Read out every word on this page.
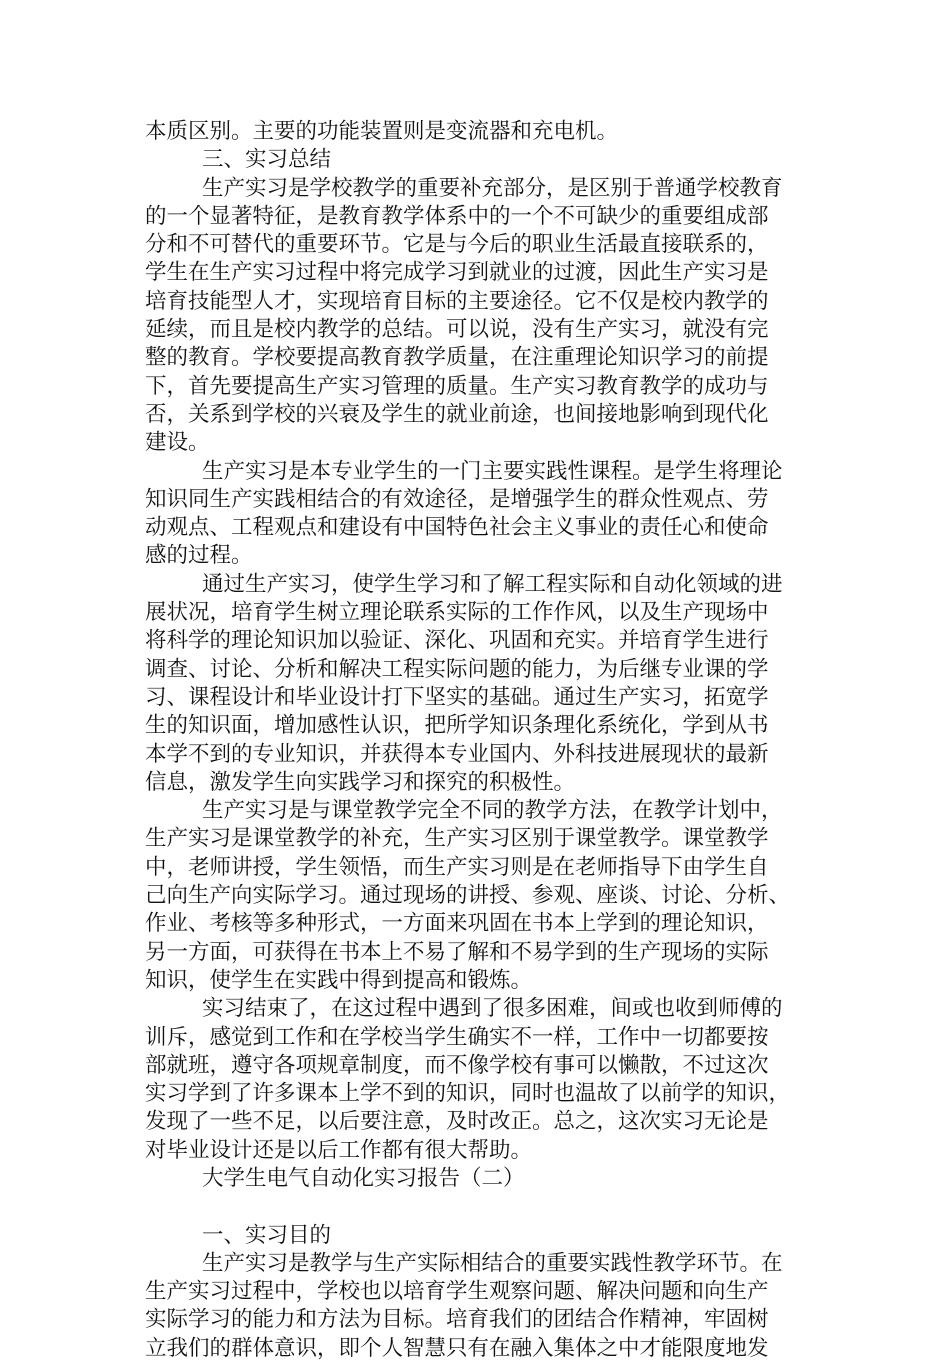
本质区别。主要的功能装置则是变流器和充电机。
三、实习总结
生产实习是学校教学的重要补充部分，是区别于普通学校教育
的一个显著特征，是教育教学体系中的一个不可缺少的重要组成部
分和不可替代的重要环节。它是与今后的职业生活最直接联系的，
学生在生产实习过程中将完成学习到就业的过渡，因此生产实习是
培育技能型人才，实现培育目标的主要途径。它不仅是校内教学的
延续，而且是校内教学的总结。可以说，没有生产实习，就没有完
整的教育。学校要提高教育教学质量，在注重理论知识学习的前提
下，首先要提高生产实习管理的质量。生产实习教育教学的成功与
否，关系到学校的兴衰及学生的就业前途，也间接地影响到现代化
建设。
生产实习是本专业学生的一门主要实践性课程。是学生将理论
知识同生产实践相结合的有效途径，是增强学生的群众性观点、劳
动观点、工程观点和建设有中国特色社会主义事业的责任心和使命
感的过程。
通过生产实习，使学生学习和了解工程实际和自动化领域的进
展状况，培育学生树立理论联系实际的工作作风，以及生产现场中
将科学的理论知识加以验证、深化、巩固和充实。并培育学生进行
调查、讨论、分析和解决工程实际问题的能力，为后继专业课的学
习、课程设计和毕业设计打下坚实的基础。通过生产实习，拓宽学
生的知识面，增加感性认识，把所学知识条理化系统化，学到从书
本学不到的专业知识，并获得本专业国内、外科技进展现状的最新
信息，激发学生向实践学习和探究的积极性。
生产实习是与课堂教学完全不同的教学方法，在教学计划中，
生产实习是课堂教学的补充，生产实习区别于课堂教学。课堂教学
中，老师讲授，学生领悟，而生产实习则是在老师指导下由学生自
己向生产向实际学习。通过现场的讲授、参观、座谈、讨论、分析、
作业、考核等多种形式，一方面来巩固在书本上学到的理论知识，
另一方面，可获得在书本上不易了解和不易学到的生产现场的实际
知识，使学生在实践中得到提高和锻炼。
实习结束了，在这过程中遇到了很多困难，间或也收到师傅的
训斥，感觉到工作和在学校当学生确实不一样，工作中一切都要按
部就班，遵守各项规章制度，而不像学校有事可以懒散，不过这次
实习学到了许多课本上学不到的知识，同时也温故了以前学的知识，
发现了一些不足，以后要注意，及时改正。总之，这次实习无论是
对毕业设计还是以后工作都有很大帮助。
大学生电气自动化实习报告（二）
一、实习目的
生产实习是教学与生产实际相结合的重要实践性教学环节。在
生产实习过程中，学校也以培育学生观察问题、解决问题和向生产
实际学习的能力和方法为目标。培育我们的团结合作精神，牢固树
立我们的群体意识，即个人智慧只有在融入集体之中才能限度地发
